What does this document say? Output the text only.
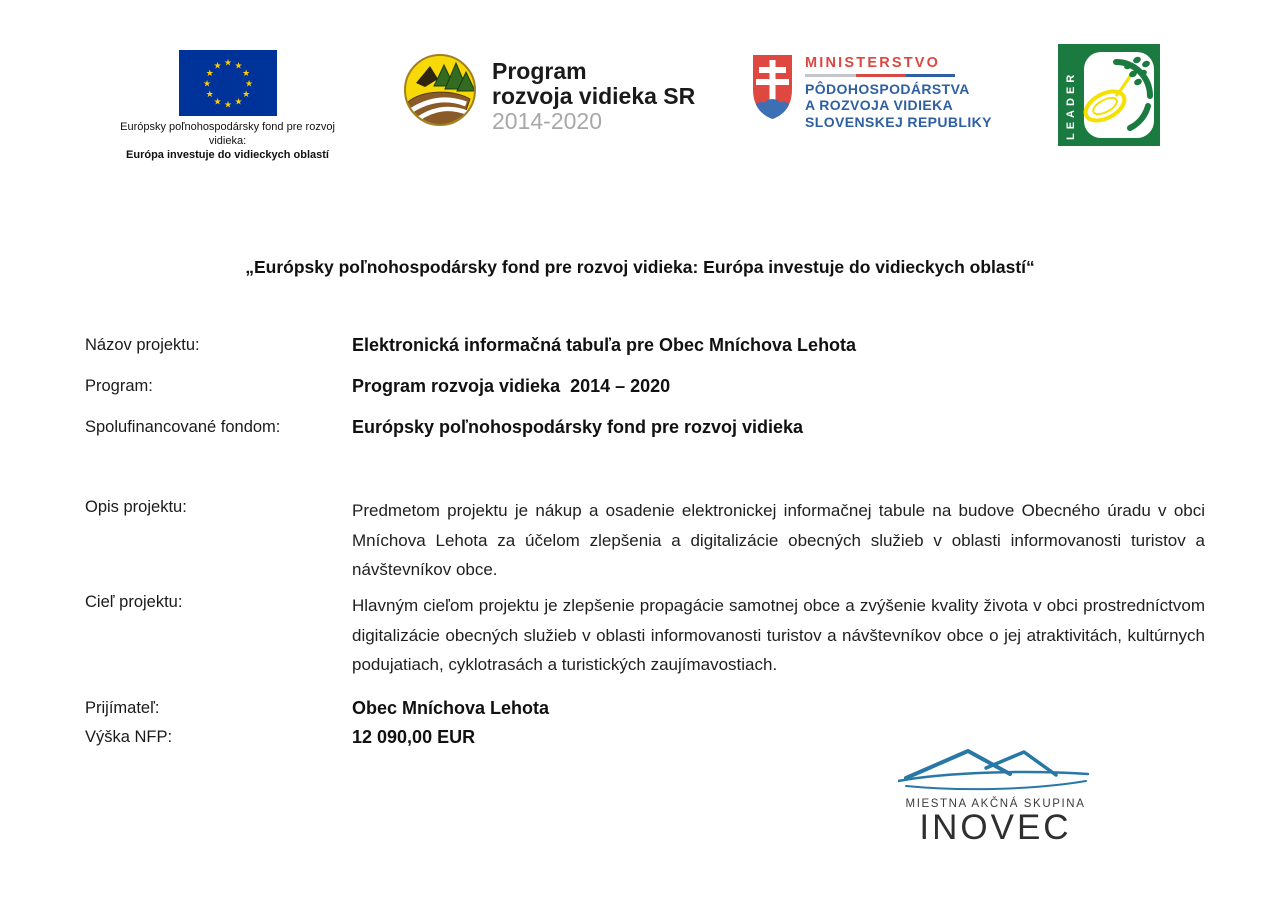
★ ★
★
★
★
★
★
★
★
★
★
★
Európsky poľnohospodársky fond pre rozvoj vidieka:
Európa investuje do vidieckych oblastí
Program
rozvoja vidieka SR
2014-2020
MINISTERSTVO
PÔDOHOSPODÁRSTVA
A ROZVOJA VIDIEKA
SLOVENSKEJ REPUBLIKY	LEADER
„Európsky poľnohospodársky fond pre rozvoj vidieka: Európa investuje do vidieckych oblastí“
Názov projektu:	Elektronická informačná tabuľa pre Obec Mníchova Lehota
Program:	Program rozvoja vidieka  2014 – 2020
Spolufinancované fondom:	Európsky poľnohospodársky fond pre rozvoj vidieka
Opis projektu:	Predmetom projektu je nákup a osadenie elektronickej informačnej tabule na budove Obecného úradu v obci Mníchova Lehota za účelom zlepšenia a digitalizácie obecných služieb v oblasti informovanosti turistov a návštevníkov obce.
Cieľ projektu:	Hlavným cieľom projektu je zlepšenie propagácie samotnej obce a zvýšenie kvality života v obci prostredníctvom digitalizácie obecných služieb v oblasti informovanosti turistov a návštevníkov obce o jej atraktivitách, kultúrnych podujatiach, cyklotrasách a turistických zaujímavostiach.
Prijímateľ:	Obec Mníchova Lehota
Výška NFP:	12 090,00 EUR
MIESTNA AKČNÁ SKUPINA
INOVEC
